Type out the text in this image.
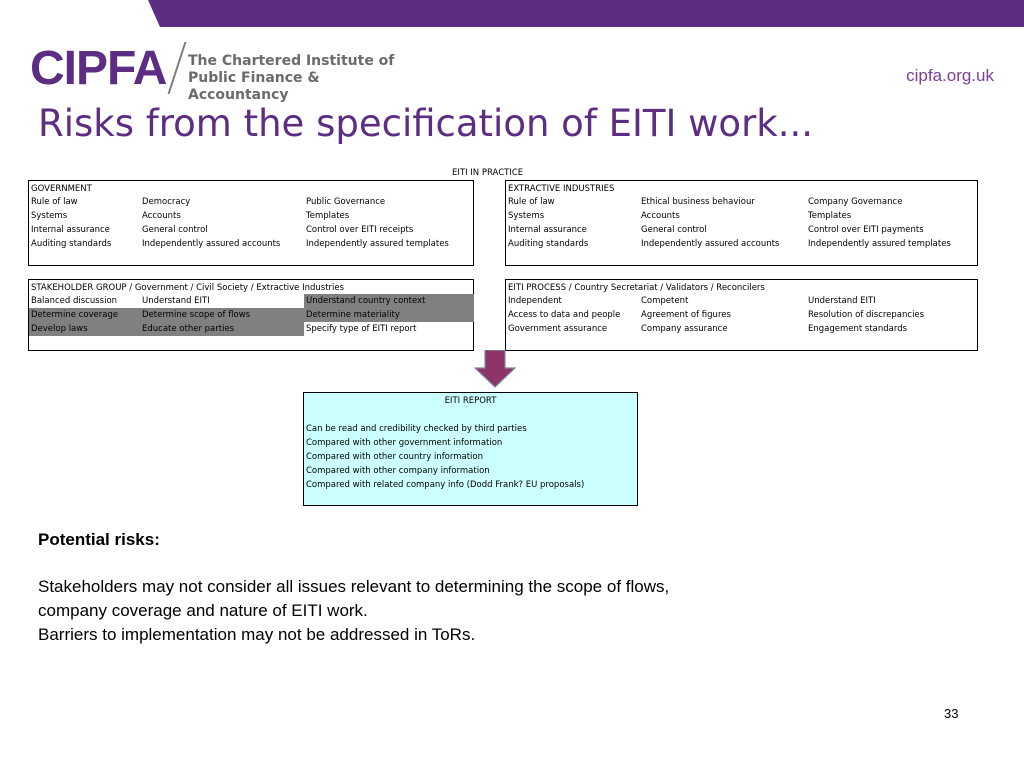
CIPFA The Chartered Institute of
Public Finance & Accountancy
cipfa.org.uk
Risks from the specification of EITI work...
EITI IN PRACTICE
GOVERNMENT
Rule of law	Democracy	Public Governance
Systems	Accounts	Templates
Internal assurance	General control	Control over EITI receipts
Auditing standards	Independently assured accounts	Independently assured templates
EXTRACTIVE INDUSTRIES
Rule of law	Ethical business behaviour	Company Governance
Systems	Accounts	Templates
Internal assurance	General control	Control over EITI payments
Auditing standards	Independently assured accounts	Independently assured templates
STAKEHOLDER GROUP / Government / Civil Society / Extractive Industries
Balanced discussion	Understand EITI	Understand country context
Determine coverage	Determine scope of flows	Determine materiality
Develop laws	Educate other parties	Specify type of EITI report
EITI PROCESS / Country Secretariat / Validators / Reconcilers
Independent	Competent	Understand EITI
Access to data and people	Agreement of figures	Resolution of discrepancies
Government assurance	Company assurance	Engagement standards
EITI REPORT
Can be read and credibility checked by third parties
Compared with other government information
Compared with other country information
Compared with other company information
Compared with related company info (Dodd Frank? EU proposals)
Potential risks:
Stakeholders may not consider all issues relevant to determining the scope of flows,
company coverage and nature of EITI work.
Barriers to implementation may not be addressed in ToRs.
33
